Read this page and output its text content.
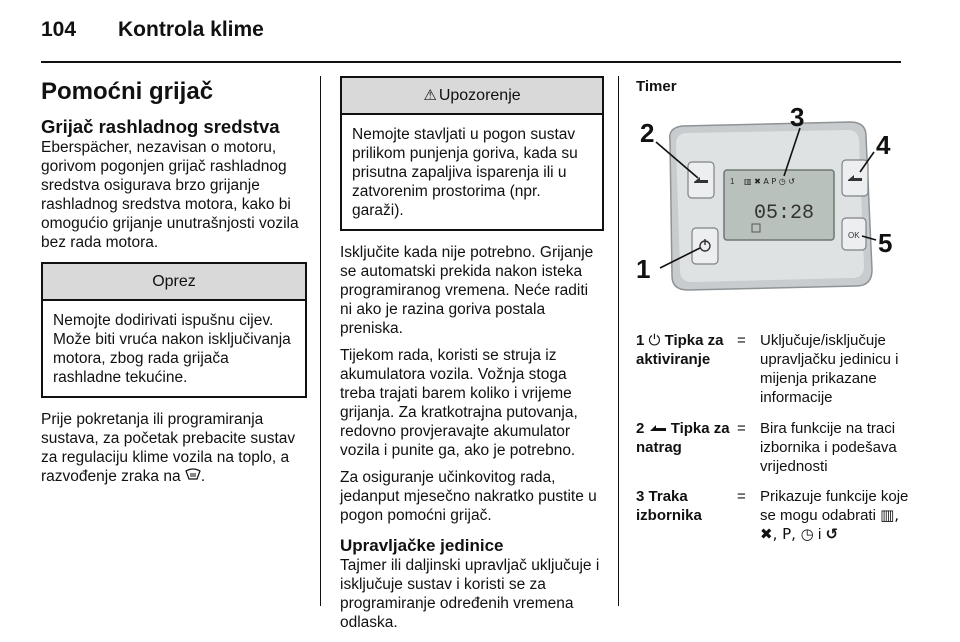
104 Kontrola klime
Pomoćni grijač
Grijač rashladnog sredstva

Eberspächer, nezavisan o motoru, gorivom pogonjen grijač rashladnog sredstva osigurava brzo grijanje rashladnog sredstva motora, kako bi omogućio grijanje unutrašnjosti vozila bez rada motora.

Oprez
Nemojte dodirivati ispušnu cijev. Može biti vruća nakon isključivanja motora, zbog rada grijača rashladne tekućine.

Prije pokretanja ili programiranja sustava, za početak prebacite sustav za regulaciju klime vozila na toplo, a razvođenje zraka na .

⚠ Upozorenje
Nemojte stavljati u pogon sustav prilikom punjenja goriva, kada su prisutna zapaljiva isparenja ili u zatvorenim prostorima (npr. garaži).

Isključite kada nije potrebno. Grijanje se automatski prekida nakon isteka programiranog vremena. Neće raditi ni ako je razina goriva postala preniska.

Tijekom rada, koristi se struja iz akumulatora vozila. Vožnja stoga treba trajati barem koliko i vrijeme grijanja. Za kratkotrajna putovanja, redovno provjeravajte akumulator vozila i punite ga, ako je potrebno.

Za osiguranje učinkovitog rada, jedanput mjesečno nakratko pustite u pogon pomoćni grijač.

Upravljačke jedinice

Tajmer ili daljinski upravljač uključuje i isključuje sustav i koristi se za programiranje određenih vremena odlaska.

Timer
1 ▥ ✖ A P ◷ ↺
05:28
OK
1
2
3
4
5
1 ⏻ Tipka za aktiviranje
= Uključuje/isključuje upravljačku jedinicu i mijenja prikazane informacije
2 Tipka za natrag
= Bira funkcije na traci izbornika i podešava vrijednosti
3 Traka izbornika
= Prikazuje funkcije koje se mogu odabrati ▥, ✖, P, ◷ i ↺
